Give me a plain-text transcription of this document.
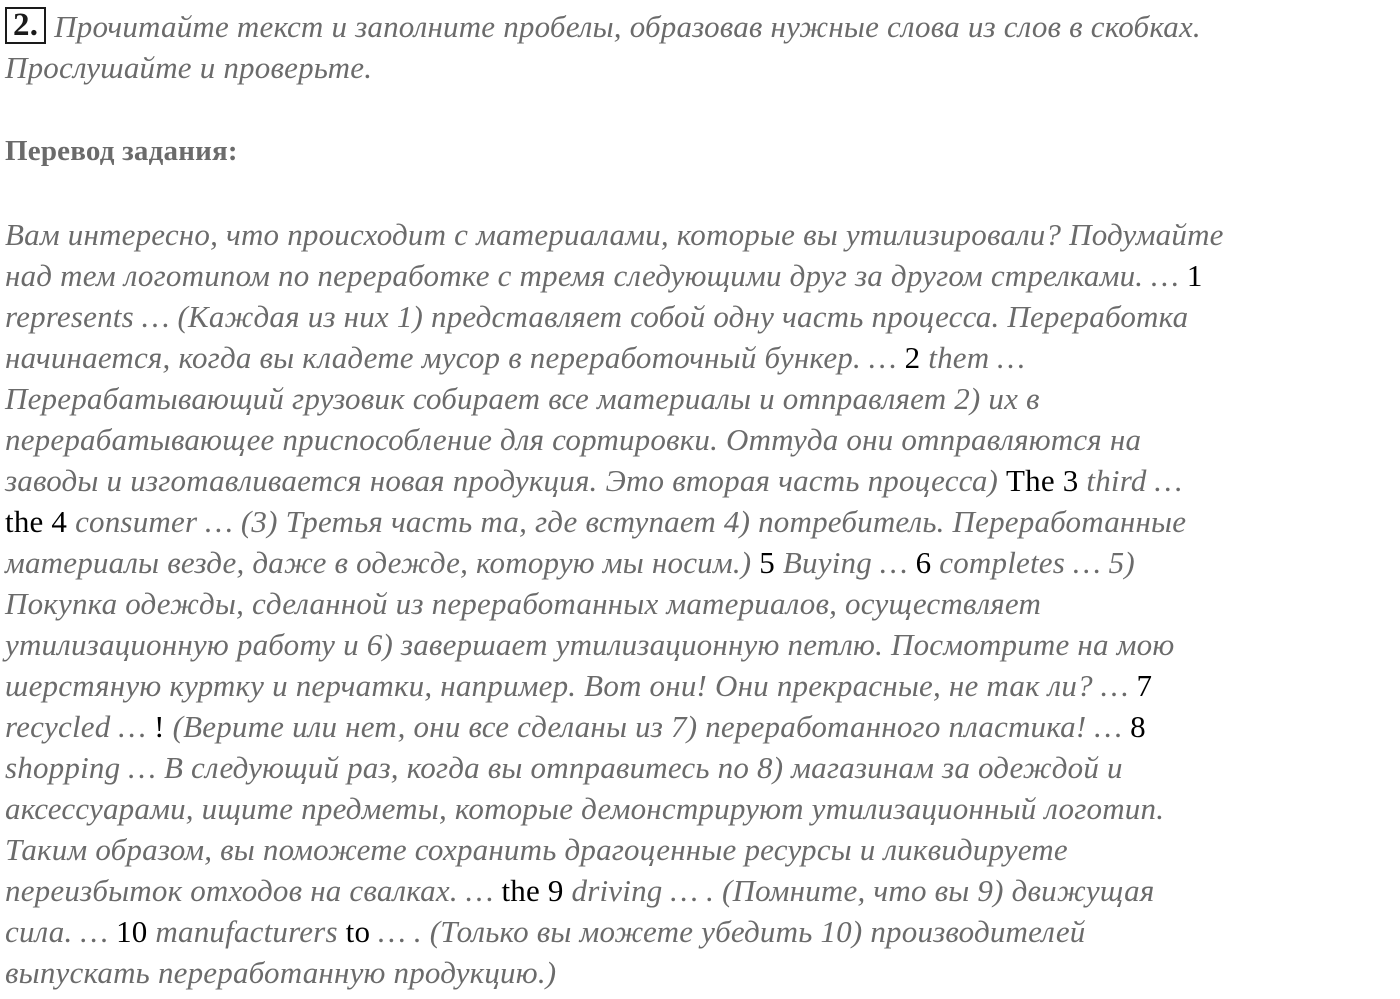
2. Прочитайте текст и заполните пробелы, образовав нужные слова из слов в скобках.
Прослушайте и проверьте.
Перевод задания:
Вам интересно, что происходит с материалами, которые вы утилизировали? Подумайте
над тем логотипом по переработке с тремя следующими друг за другом стрелками. … 1
represents … (Каждая из них 1) представляет собой одну часть процесса. Переработка
начинается, когда вы кладете мусор в переработочный бункер. … 2 them …
Перерабатывающий грузовик собирает все материалы и отправляет 2) их в
перерабатывающее приспособление для сортировки. Оттуда они отправляются на
заводы и изготавливается новая продукция. Это вторая часть процесса) The 3 third …
the 4 consumer … (3) Третья часть та, где вступает 4) потребитель. Переработанные
материалы везде, даже в одежде, которую мы носим.) 5 Buying … 6 completes … 5)
Покупка одежды, сделанной из переработанных материалов, осуществляет
утилизационную работу и 6) завершает утилизационную петлю. Посмотрите на мою
шерстяную куртку и перчатки, например. Вот они! Они прекрасные, не так ли? … 7
recycled … ! (Верите или нет, они все сделаны из 7) переработанного пластика! … 8
shopping … В следующий раз, когда вы отправитесь по 8) магазинам за одеждой и
аксессуарами, ищите предметы, которые демонстрируют утилизационный логотип.
Таким образом, вы поможете сохранить драгоценные ресурсы и ликвидируете
переизбыток отходов на свалках. … the 9 driving … . (Помните, что вы 9) движущая
сила. … 10 manufacturers to … . (Только вы можете убедить 10) производителей
выпускать переработанную продукцию.)
